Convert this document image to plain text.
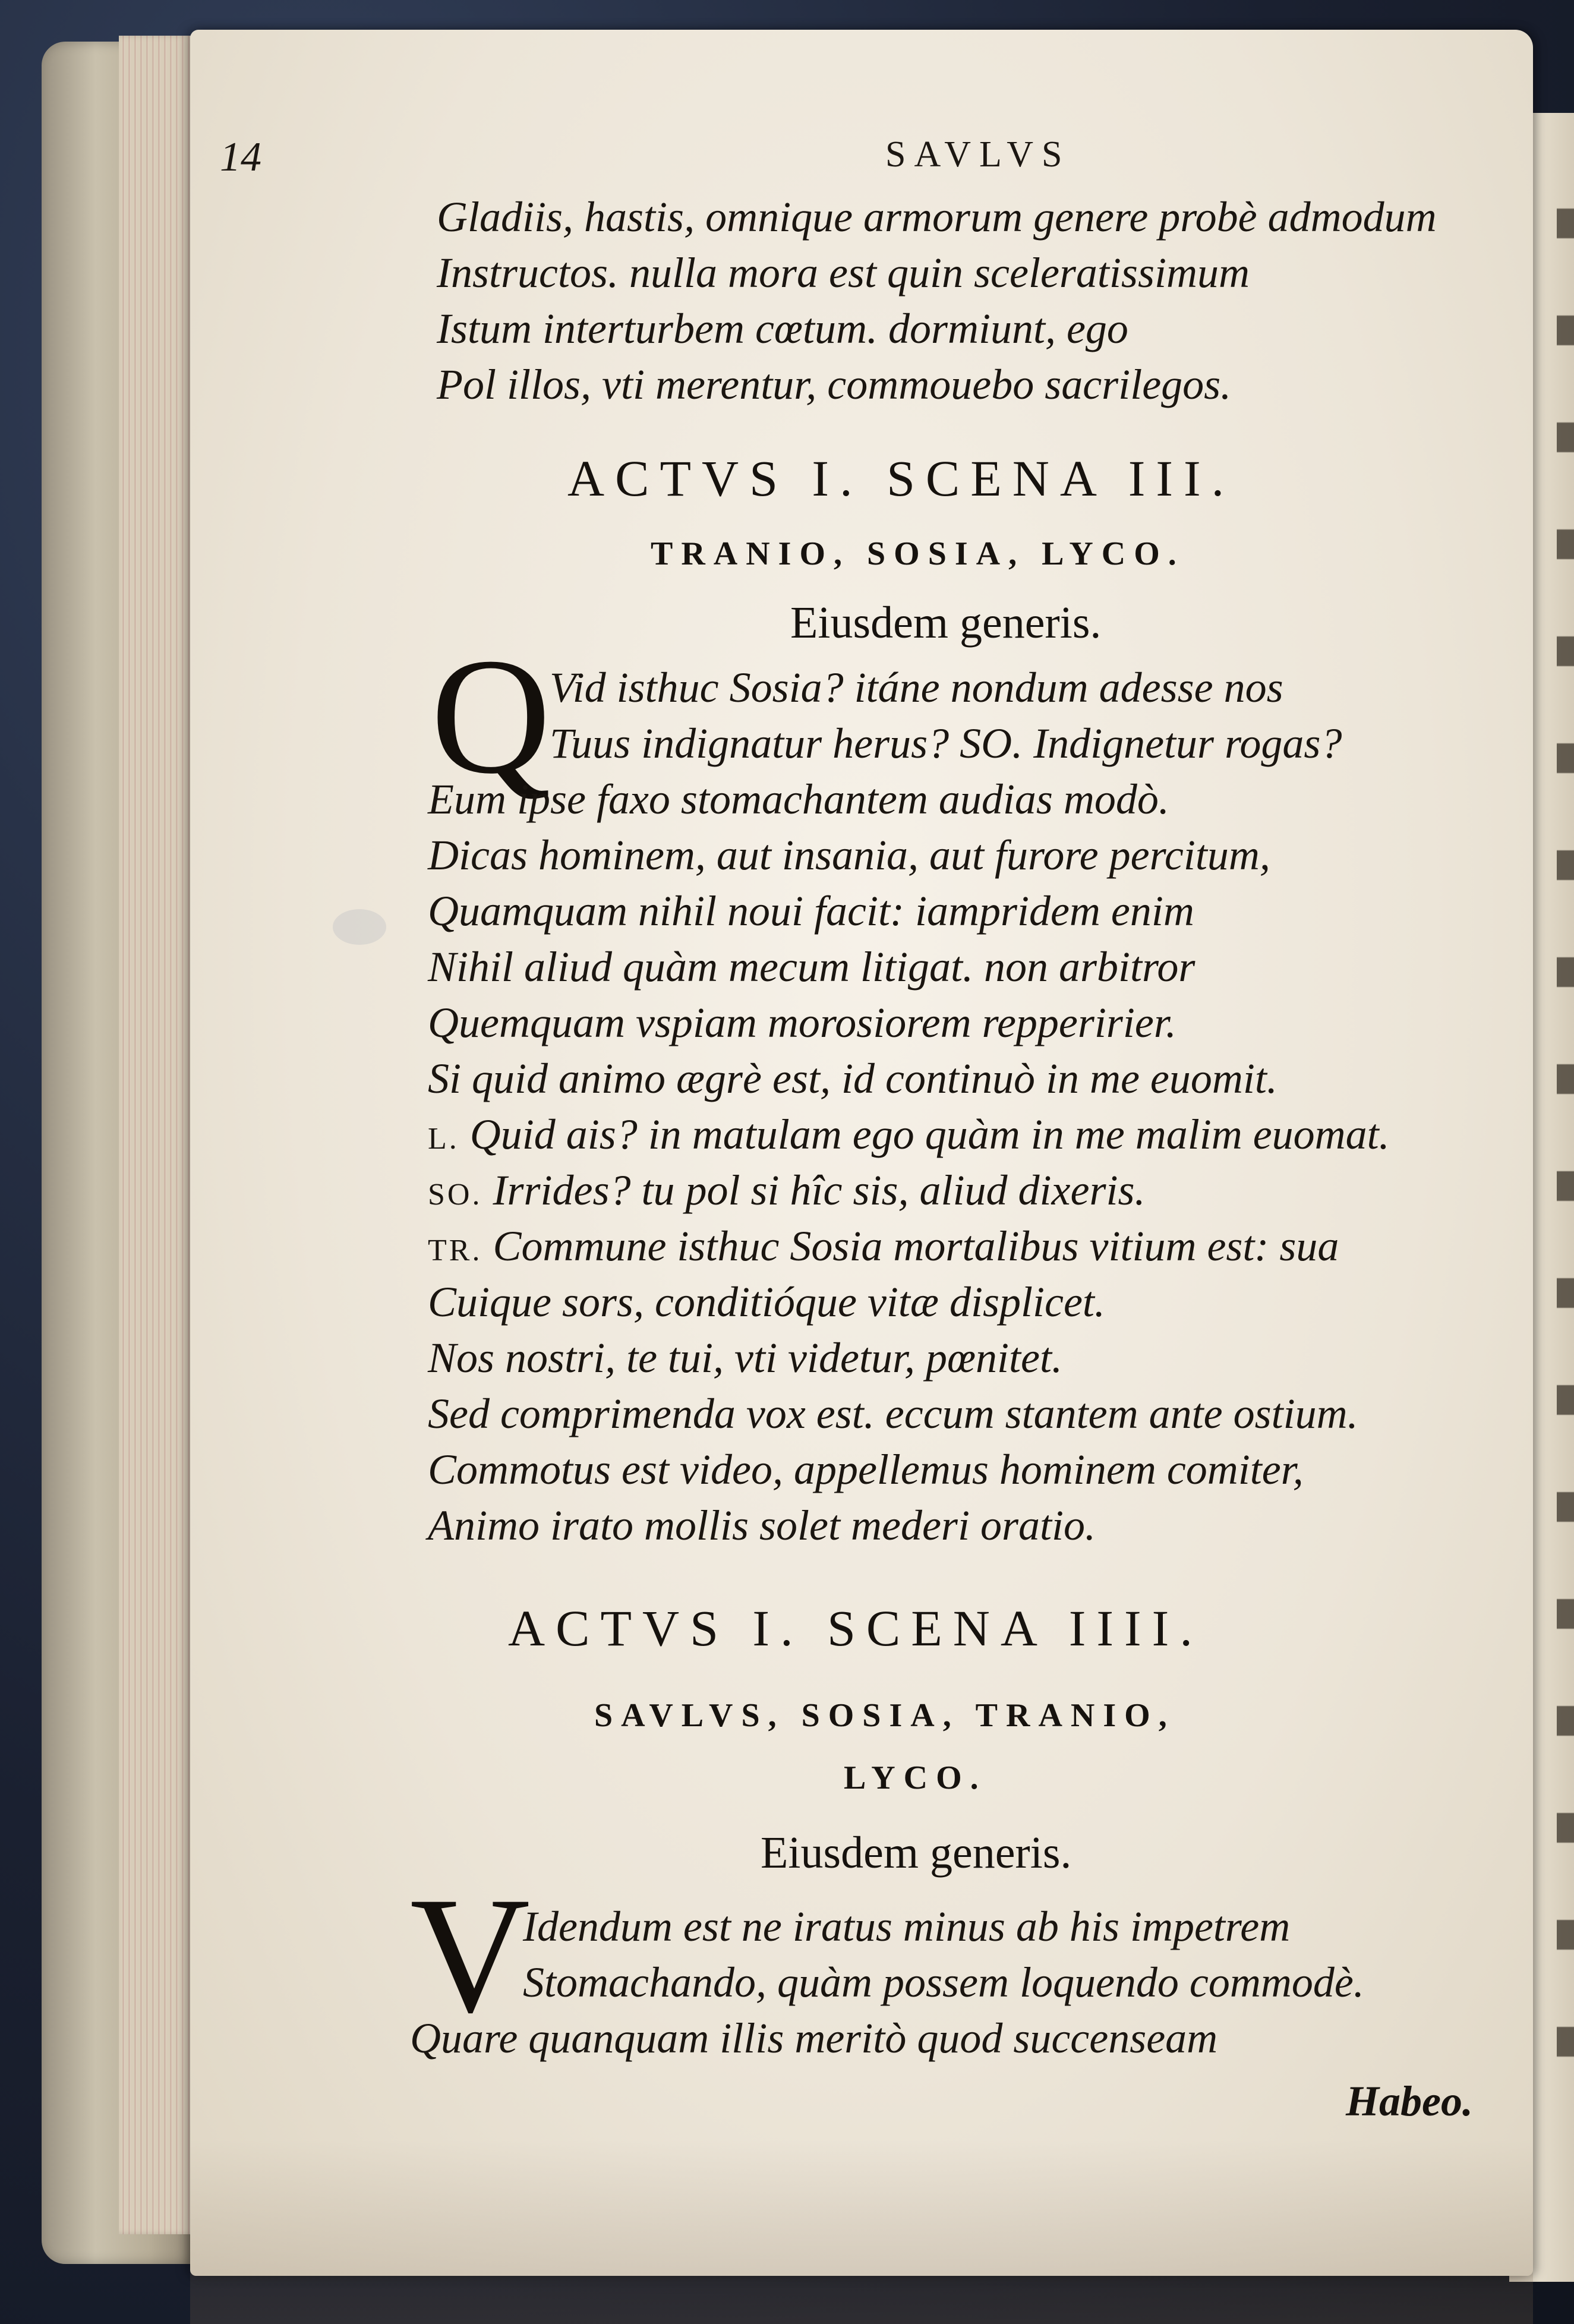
14	SAVLVS
Gladiis, hastis, omnique armorum genere probè admodum
Instructos. nulla mora est quin sceleratissimum
Istum interturbem cœtum. dormiunt, ego
Pol illos, vti merentur, commouebo sacrilegos.
ACTVS I. SCENA III.
TRANIO, SOSIA, LYCO.
Eiusdem generis.
Q
Vid isthuc Sosia? itáne nondum adesse nos
Tuus indignatur herus? SO. Indignetur rogas?
Eum ipse faxo stomachantem audias modò.
Dicas hominem, aut insania, aut furore percitum,
Quamquam nihil noui facit: iampridem enim
Nihil aliud quàm mecum litigat. non arbitror
Quemquam vspiam morosiorem repperirier.
Si quid animo ægrè est, id continuò in me euomit.
L. Quid ais? in matulam ego quàm in me malim euomat.
SO. Irrides? tu pol si hîc sis, aliud dixeris.
TR. Commune isthuc Sosia mortalibus vitium est: sua
Cuique sors, conditióque vitæ displicet.
Nos nostri, te tui, vti videtur, pœnitet.
Sed comprimenda vox est. eccum stantem ante ostium.
Commotus est video, appellemus hominem comiter,
Animo irato mollis solet mederi oratio.
ACTVS I. SCENA IIII.
SAVLVS, SOSIA, TRANIO,
LYCO.
Eiusdem generis.
V
Idendum est ne iratus minus ab his impetrem
Stomachando, quàm possem loquendo commodè.
Quare quanquam illis meritò quod succenseam
Habeo.
